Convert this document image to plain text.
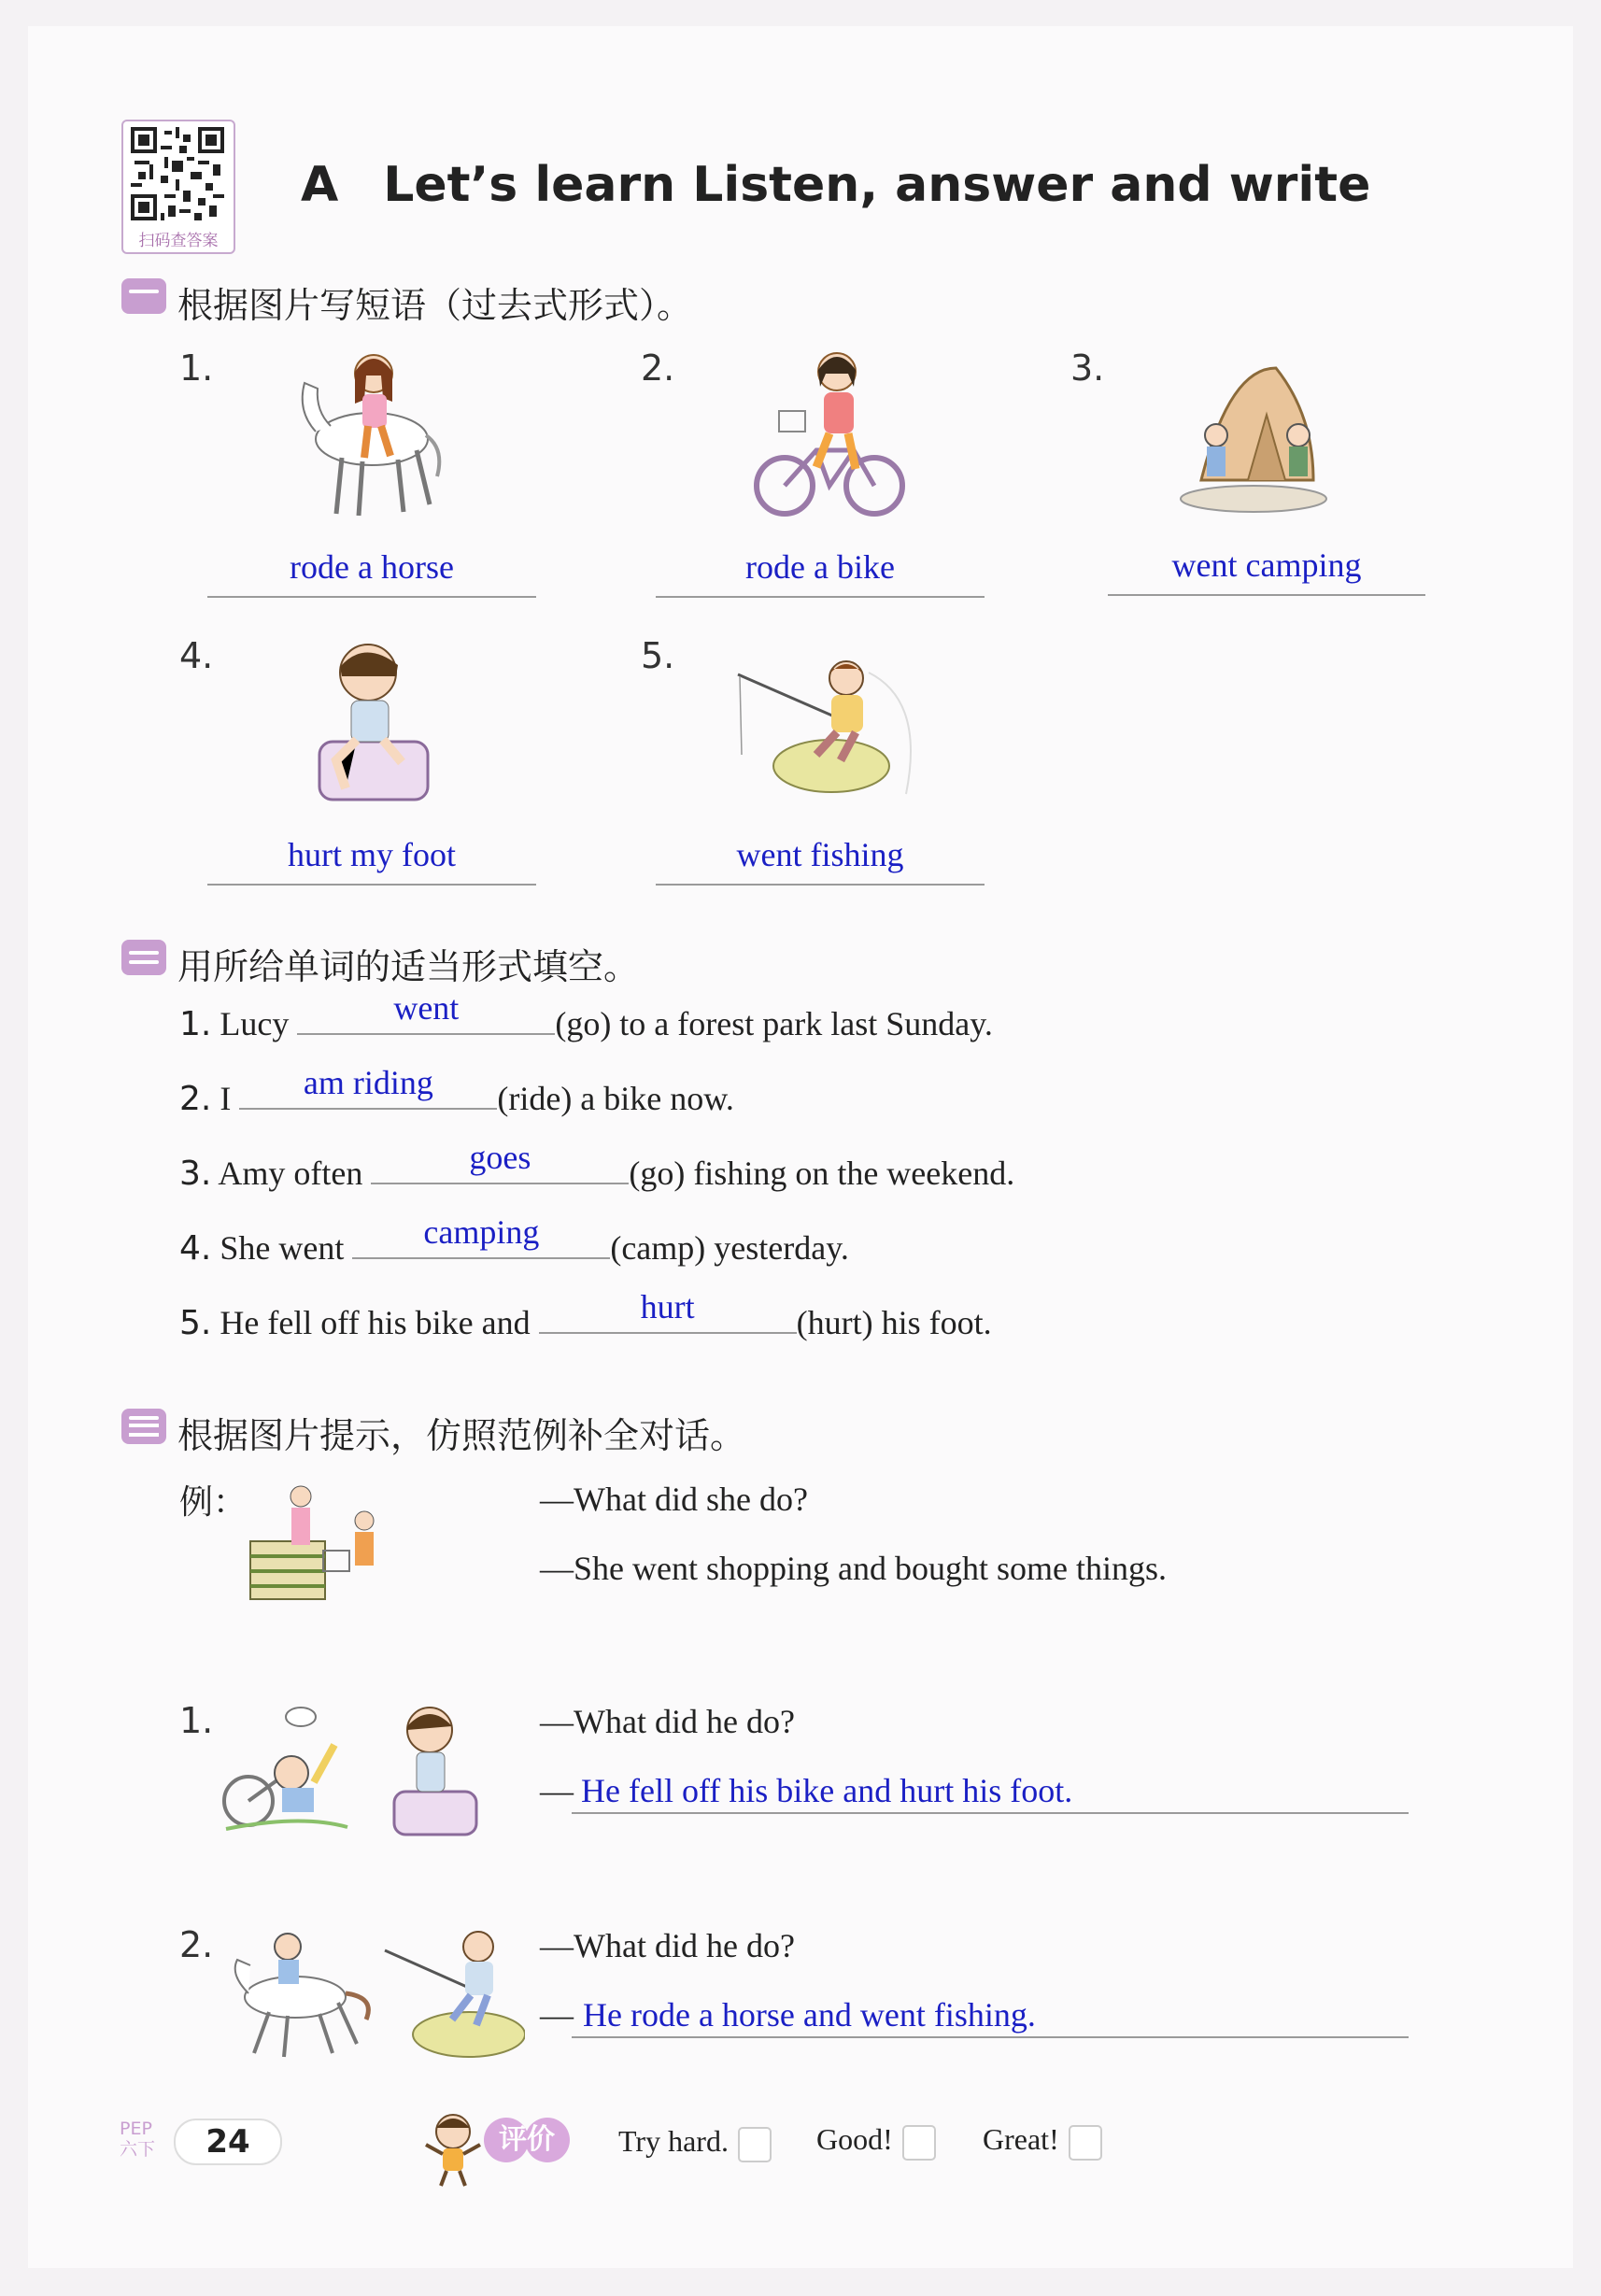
扫码查答案
A Let’s learn Listen, answer and write
根据图片写短语（过去式形式）。
1.
rode a horse
2.
rode a bike
3.
went camping
4.
hurt my foot
5.
went fishing
用所给单词的适当形式填空。
1. Lucy	went	(go) to a forest park last Sunday.
2. I	am riding	(ride) a bike now.
3. Amy often	goes	(go) fishing on the weekend.
4. She went	camping	(camp) yesterday.
5. He fell off his bike and	hurt	(hurt) his foot.
根据图片提示，仿照范例补全对话。
例：	—What did she do?
—She went shopping and bought some things.
1.	—What did he do?
— He fell off his bike and hurt his foot.
2.	—What did he do?
— He rode a horse and went fishing.
PEP
六下	24	评价	Try hard.	Good!	Great!
